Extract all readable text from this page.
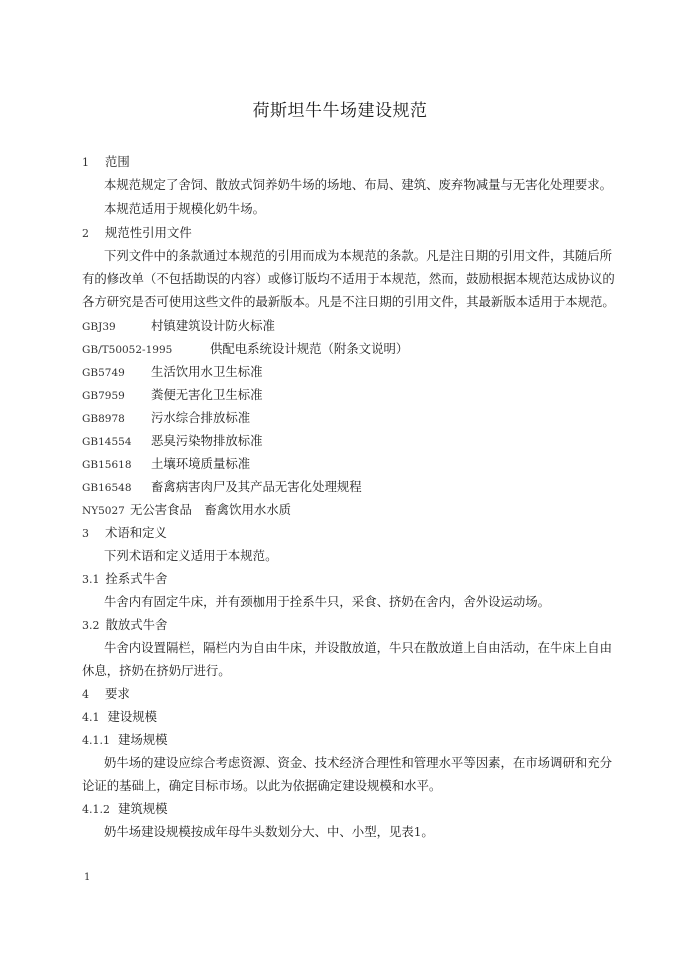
荷斯坦牛牛场建设规范
1 范围
本规范规定了舍饲、散放式饲养奶牛场的场地、布局、建筑、废弃物减量与无害化处理要求。
本规范适用于规模化奶牛场。
2 规范性引用文件
下列文件中的条款通过本规范的引用而成为本规范的条款。凡是注日期的引用文件，其随后所
有的修改单（不包括勘误的内容）或修订版均不适用于本规范，然而，鼓励根据本规范达成协议的
各方研究是否可使用这些文件的最新版本。凡是不注日期的引用文件，其最新版本适用于本规范。
GBJ39	村镇建筑设计防火标准
GB/T50052-1995	供配电系统设计规范（附条文说明）
GB5749 生活饮用水卫生标准
GB7959 粪便无害化卫生标准
GB8978 污水综合排放标准
GB14554 恶臭污染物排放标准
GB15618 土壤环境质量标准
GB16548 畜禽病害肉尸及其产品无害化处理规程
NY5027 无公害食品　畜禽饮用水水质
3 术语和定义
下列术语和定义适用于本规范。
3.1 拴系式牛舍
牛舍内有固定牛床，并有颈枷用于拴系牛只，采食、挤奶在舍内，舍外设运动场。
3.2 散放式牛舍
牛舍内设置隔栏，隔栏内为自由牛床，并设散放道，牛只在散放道上自由活动，在牛床上自由
休息，挤奶在挤奶厅进行。
4 要求
4.1 建设规模
4.1.1 建场规模
奶牛场的建设应综合考虑资源、资金、技术经济合理性和管理水平等因素，在市场调研和充分
论证的基础上，确定目标市场。以此为依据确定建设规模和水平。
4.1.2 建筑规模
奶牛场建设规模按成年母牛头数划分大、中、小型，见表1。
1
